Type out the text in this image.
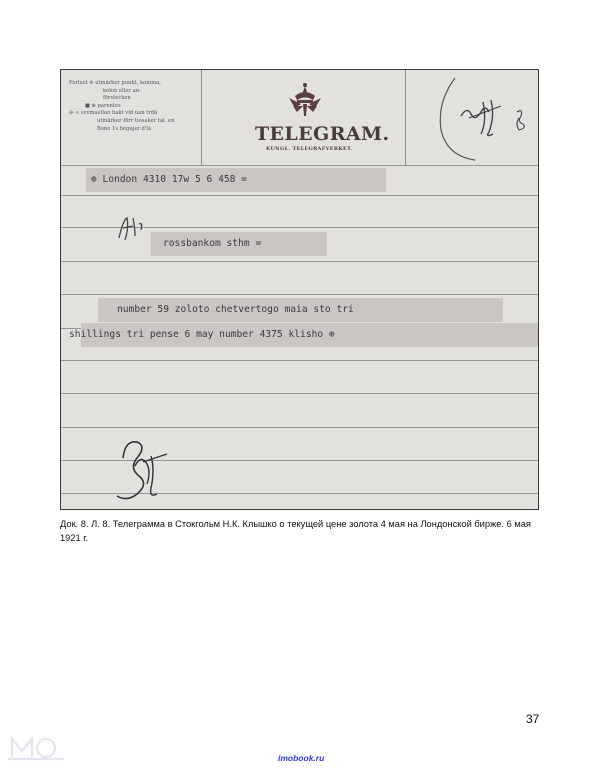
Ferlust ✣ utmärker punkt, komma,
kolon eller an-
förstecken
■ ⊕ parentes
✣ ∞ svvmaellan hakt vid uan trdä
utmärker förr tiosaker tal. en
Bono 1s begujer d'lä	TELEGRAM.
KUNGL. TELEGRAFVERKET.
⊕ London 4310 17w 5 6 458 =
rossbankom sthm =
number 59 zoloto chetvertogo maia sto tri
shillings tri pense 6 may number 4375 klisho ⊕
Док. 8. Л. 8. Телеграмма в Стокгольм Н.К. Клышко о текущей цене золота 4 мая на Лондонской бирже. 6 мая 1921 г.
37
imobook.ru
